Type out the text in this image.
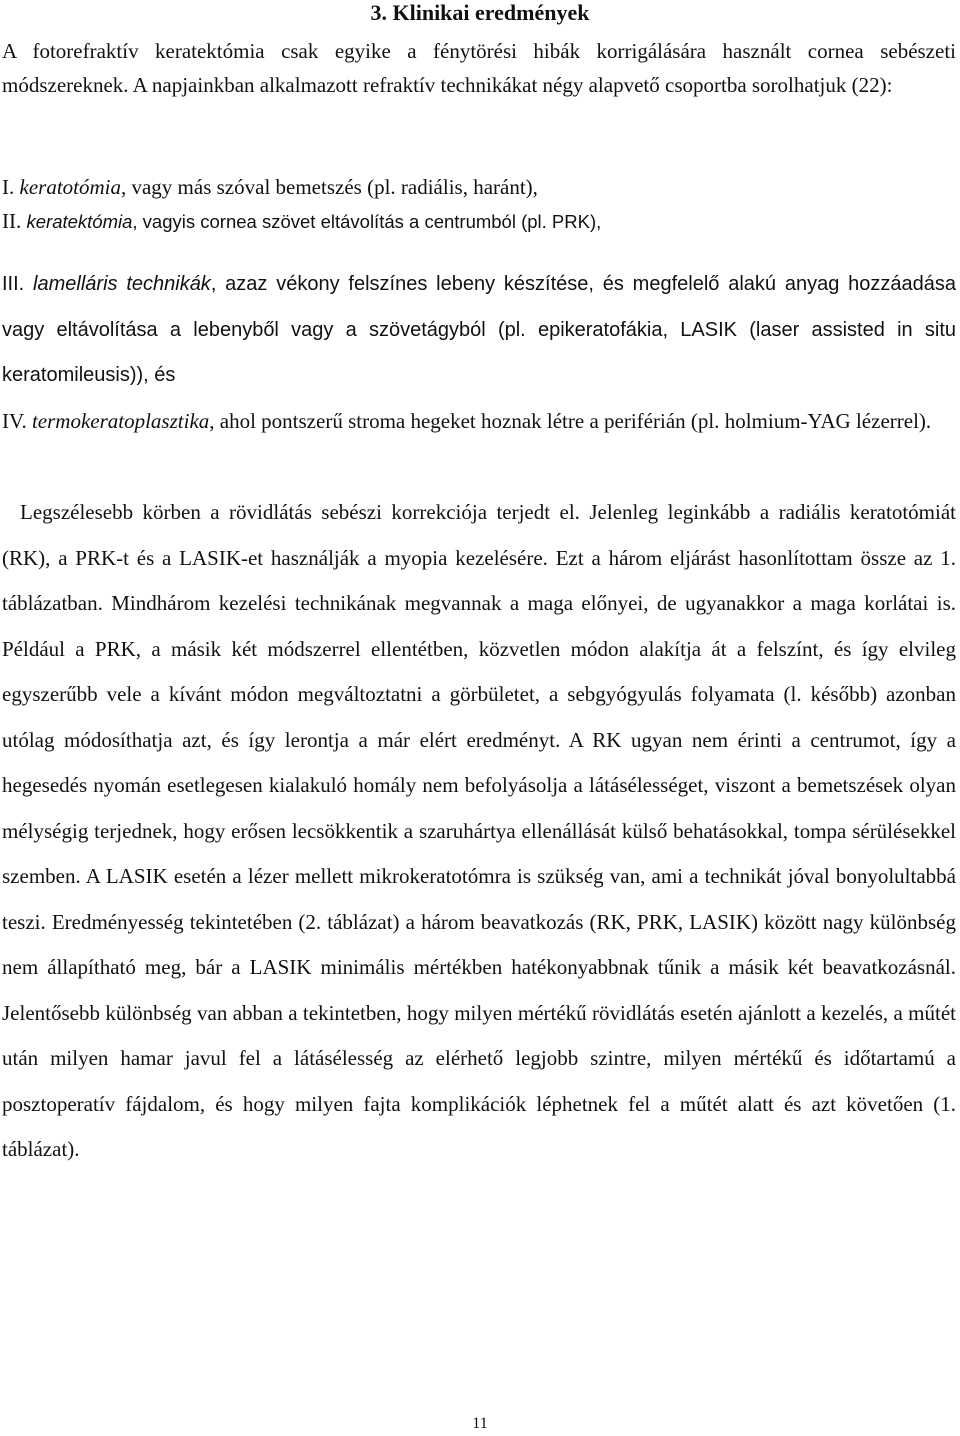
3. Klinikai eredmények

A fotorefraktív keratektómia csak egyike a fénytörési hibák korrigálására használt cornea sebészeti módszereknek. A napjainkban alkalmazott refraktív technikákat négy alapvető csoportba sorolhatjuk (22):

I. keratotómia, vagy más szóval bemetszés (pl. radiális, haránt),
II. keratektómia, vagyis cornea szövet eltávolítás a centrumból (pl. PRK),
III. lamelláris technikák, azaz vékony felszínes lebeny készítése, és megfelelő alakú anyag hozzáadása vagy eltávolítása a lebenyből vagy a szövetágyból (pl. epikeratofákia, LASIK (laser assisted in situ keratomileusis)), és
IV. termokeratoplasztika, ahol pontszerű stroma hegeket hoznak létre a periférián (pl. holmium-YAG lézerrel).

Legszélesebb körben a rövidlátás sebészi korrekciója terjedt el. Jelenleg leginkább a radiális keratotómiát (RK), a PRK-t és a LASIK-et használják a myopia kezelésére. Ezt a három eljárást hasonlítottam össze az 1. táblázatban. Mindhárom kezelési technikának megvannak a maga előnyei, de ugyanakkor a maga korlátai is. Például a PRK, a másik két módszerrel ellentétben, közvetlen módon alakítja át a felszínt, és így elvileg egyszerűbb vele a kívánt módon megváltoztatni a görbületet, a sebgyógyulás folyamata (l. később) azonban utólag módosíthatja azt, és így lerontja a már elért eredményt. A RK ugyan nem érinti a centrumot, így a hegesedés nyomán esetlegesen kialakuló homály nem befolyásolja a látásélességet, viszont a bemetszések olyan mélységig terjednek, hogy erősen lecsökkentik a szaruhártya ellenállását külső behatásokkal, tompa sérülésekkel szemben. A LASIK esetén a lézer mellett mikrokeratotómra is szükség van, ami a technikát jóval bonyolultabbá teszi. Eredményesség tekintetében (2. táblázat) a három beavatkozás (RK, PRK, LASIK) között nagy különbség nem állapítható meg, bár a LASIK minimális mértékben hatékonyabbnak tűnik a másik két beavatkozásnál. Jelentősebb különbség van abban a tekintetben, hogy milyen mértékű rövidlátás esetén ajánlott a kezelés, a műtét után milyen hamar javul fel a látásélesség az elérhető legjobb szintre, milyen mértékű és időtartamú a posztoperatív fájdalom, és hogy milyen fajta komplikációk léphetnek fel a műtét alatt és azt követően (1. táblázat).

11
